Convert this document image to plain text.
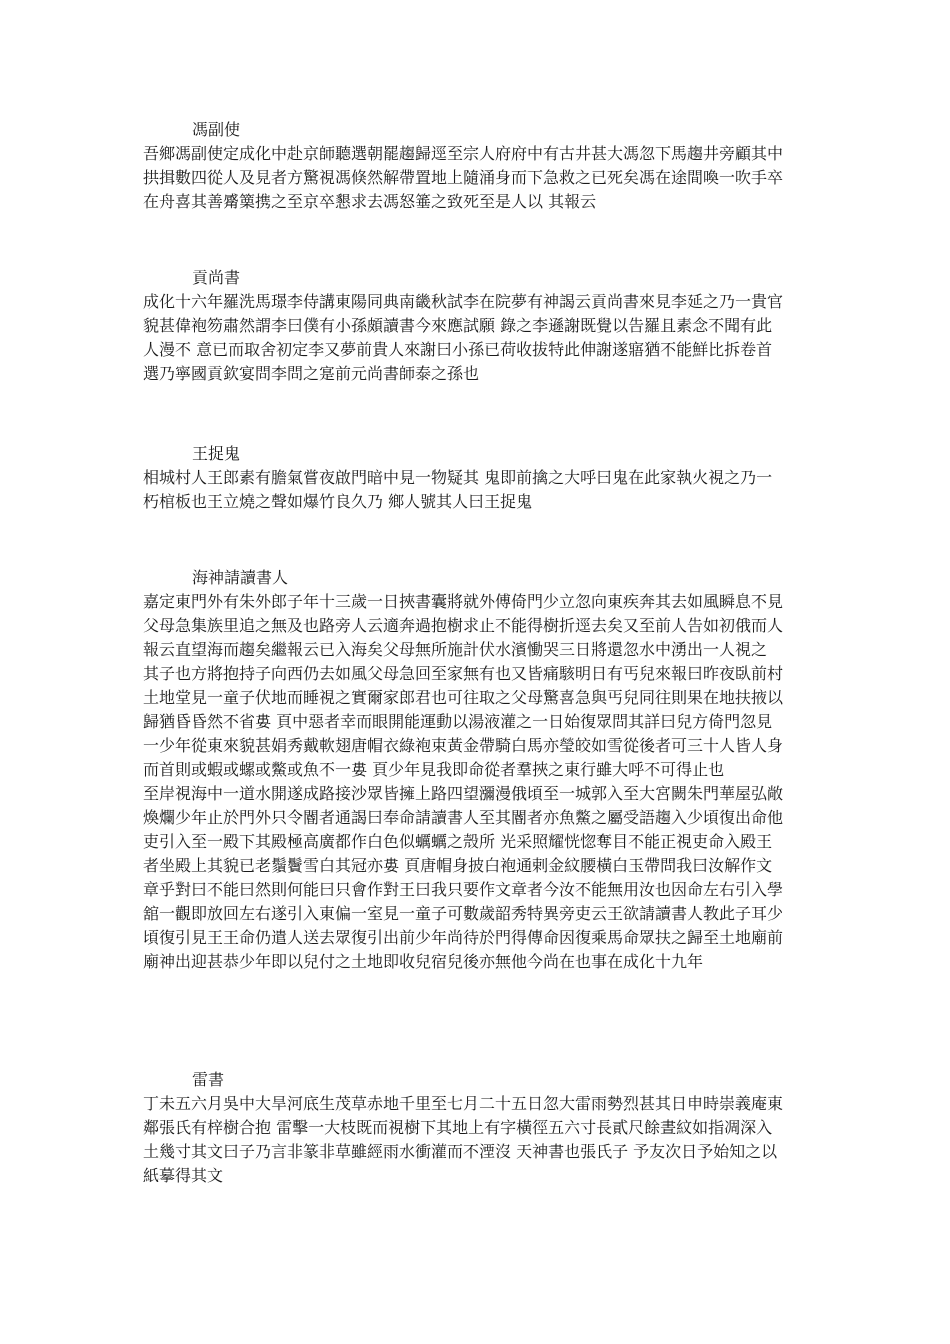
馮副使

吾鄉馮副使定成化中赴京師聽選朝罷趨歸逕至宗人府府中有古井甚大馮忽下馬趨井旁顧其中

拱揖數四從人及見者方驚視馮倏然解帶置地上隨涌身而下急救之已死矣馮在途間喚一吹手卒

在舟喜其善觱篥携之至京卒懇求去馮怒箠之致死至是人以 其報云

貢尚書

成化十六年羅洗馬璟李侍講東陽同典南畿秋試李在院夢有神謁云貢尚書來見李延之乃一貴官

貌甚偉袍笏肅然謂李曰僕有小孫頗讀書今來應試願 錄之李遜謝既覺以告羅且素念不聞有此

人漫不 意已而取舍初定李又夢前貴人來謝曰小孫已荷收拔特此伸謝遂寤猶不能鮮比拆卷首

選乃寧國貢欽宴問李問之寔前元尚書師泰之孫也

王捉鬼

相城村人王郎素有膽氣嘗夜啟門暗中見一物疑其 鬼即前擒之大呼曰鬼在此家執火視之乃一

朽棺板也王立燒之聲如爆竹良久乃 鄉人號其人曰王捉鬼

海神請讀書人

嘉定東門外有朱外郎子年十三歲一日挾書囊將就外傅倚門少立忽向東疾奔其去如風瞬息不見

父母急集族里追之無及也路旁人云適奔過抱樹求止不能得樹折逕去矣又至前人告如初俄而人

報云直望海而趨矣繼報云已入海矣父母無所施計伏水濱慟哭三日將還忽水中湧出一人視之

其子也方將抱持子向西仍去如風父母急回至家無有也又皆痛駭明日有丐兒來報曰昨夜臥前村

土地堂見一童子伏地而睡視之實爾家郎君也可往取之父母驚喜急與丐兒同往則果在地扶掖以

歸猶昏昏然不省婁 頁中惡者幸而眼開能運動以湯液灌之一日始復眾問其詳曰兒方倚門忽見

一少年從東來貌甚娟秀戴軟翅唐帽衣綠袍束黃金帶騎白馬亦瑩皎如雪從後者可三十人皆人身

而首則或蝦或螺或鱉或魚不一婁 頁少年見我即命從者羣挾之東行雖大呼不可得止也

至岸視海中一道水開遂成路接沙眾皆擁上路四望瀰漫俄頃至一城郭入至大宮闕朱門華屋弘敞

煥爛少年止於門外只令閽者通謁曰奉命請讀書人至其閽者亦魚鱉之屬受語趨入少頃復出命他

吏引入至一殿下其殿極高廣都作白色似蠣蠣之殼所 光采照耀恍惚奪目不能正視吏命入殿王

者坐殿上其貌已老鬚鬢雪白其冠亦婁 頁唐帽身披白袍通剌金紋腰橫白玉帶問我曰汝解作文

章乎對曰不能曰然則何能曰只會作對王曰我只要作文章者今汝不能無用汝也因命左右引入學

舘一觀即放回左右遂引入東偏一室見一童子可數歲韶秀特異旁吏云王欲請讀書人教此子耳少

頃復引見王王命仍遣人送去眾復引出前少年尚待於門得傳命因復乘馬命眾扶之歸至土地廟前

廟神出迎甚恭少年即以兒付之土地即收兒宿兒後亦無他今尚在也事在成化十九年

雷書

丁未五六月吳中大旱河底生茂草赤地千里至七月二十五日忽大雷雨勢烈甚其日申時崇義庵東

鄰張氏有梓樹合抱 雷擊一大枝既而視樹下其地上有字橫徑五六寸長貳尺餘晝紋如指凋深入

土幾寸其文曰子乃言非篆非草雖經雨水衝灌而不湮沒 天神書也張氏子 予友次日予始知之以

紙摹得其文
